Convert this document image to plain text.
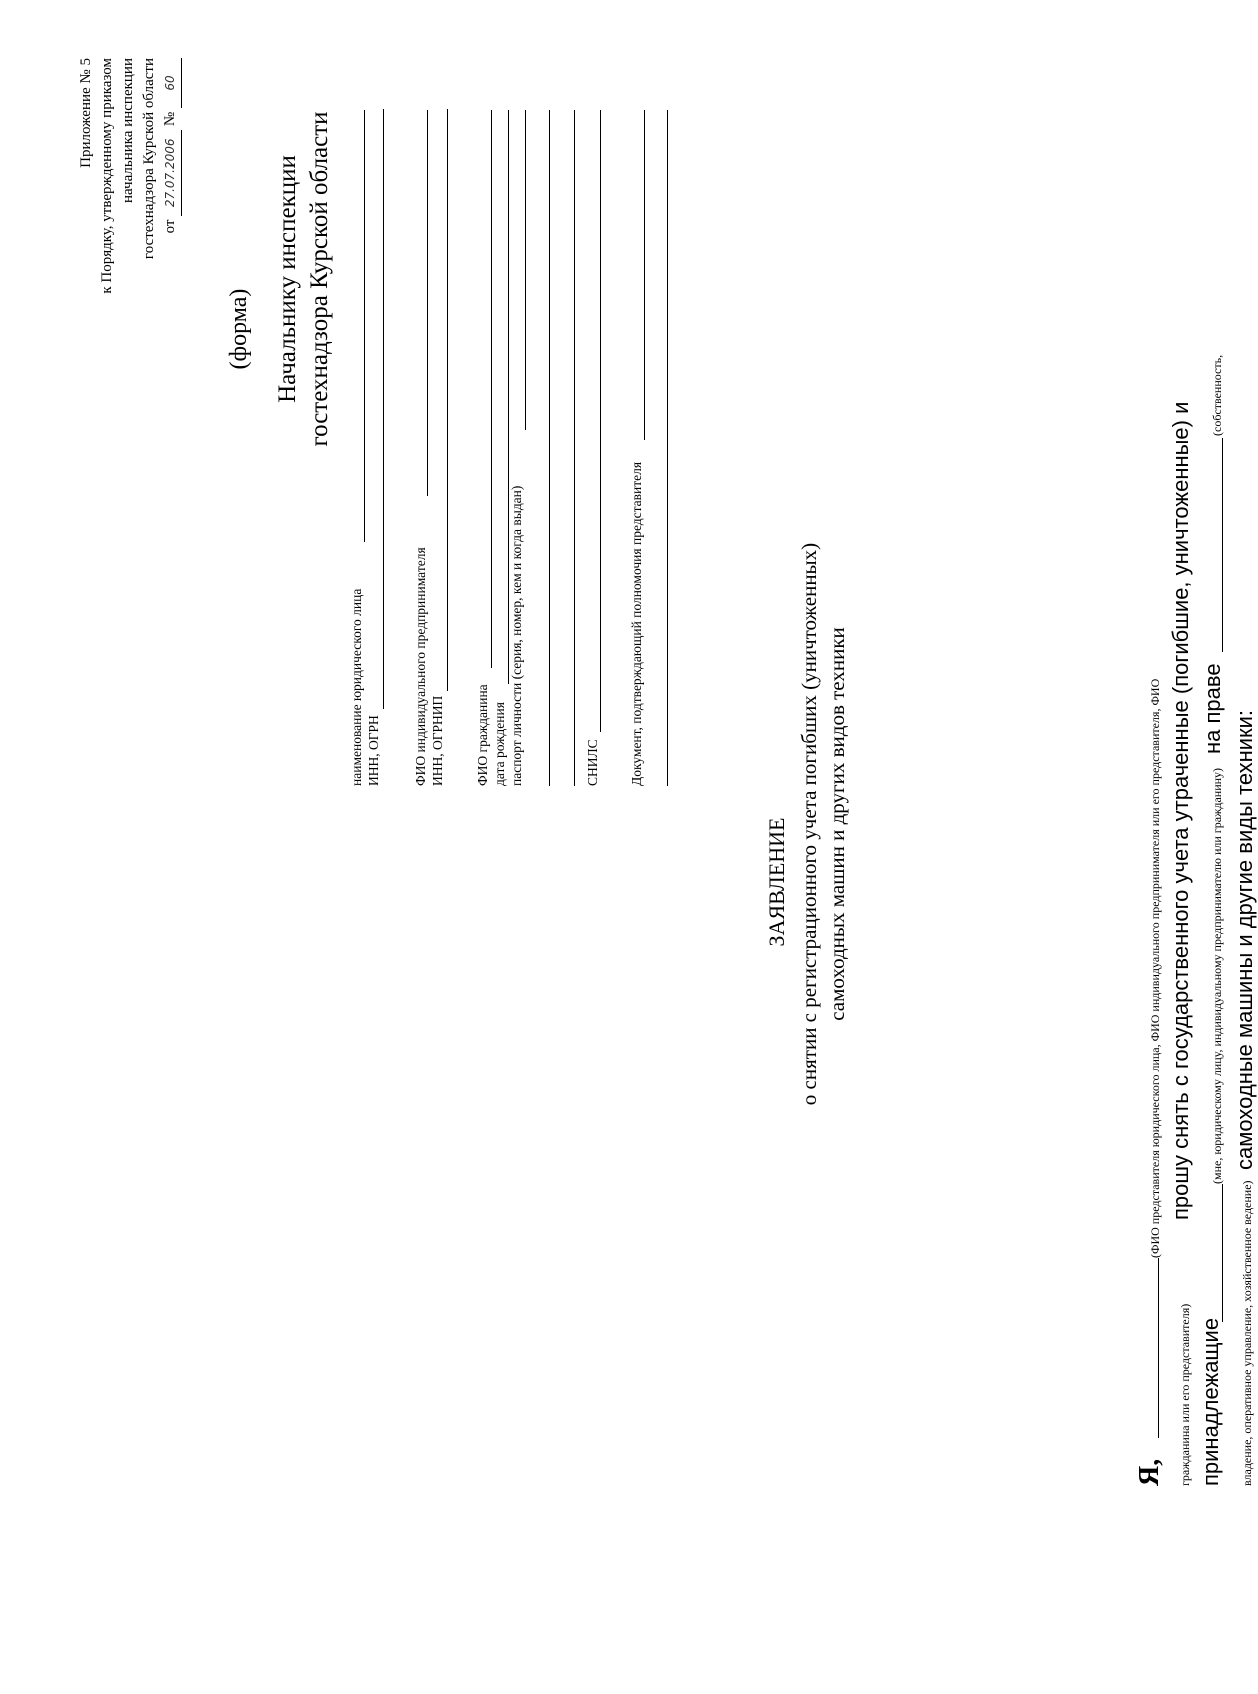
Приложение № 5 к Порядку, утвержденному приказом начальника инспекции гостехнадзора Курской области от 27.07.2006 № 60
(форма) Начальнику инспекции гостехнадзора Курской области
наименование юридического лица ИНН, ОГРН ФИО индивидуального предпринимателя ИНН, ОГРНИП ФИО гражданина дата рождения паспорт личности (серия, номер, кем и когда выдан)	СНИЛС Документ, подтверждающий полномочия представителя
ЗАЯВЛЕНИЕ о снятии с регистрационного учета погибших (уничтоженных) самоходных машин и других видов техники
Я,
(ФИО представителя юридического лица, ФИО индивидуального предпринимателя или его представителя, ФИО
гражданина или его представителя)
прошу снять с государственного учета утраченные (погибшие, уничтоженные) и
принадлежащие
(мне, юридическому лицу, индивидуальному предпринимателю или гражданину)
на праве
(собственность,
владение, оперативное управление, хозяйственное ведение)
самоходные машины и другие виды техники:
